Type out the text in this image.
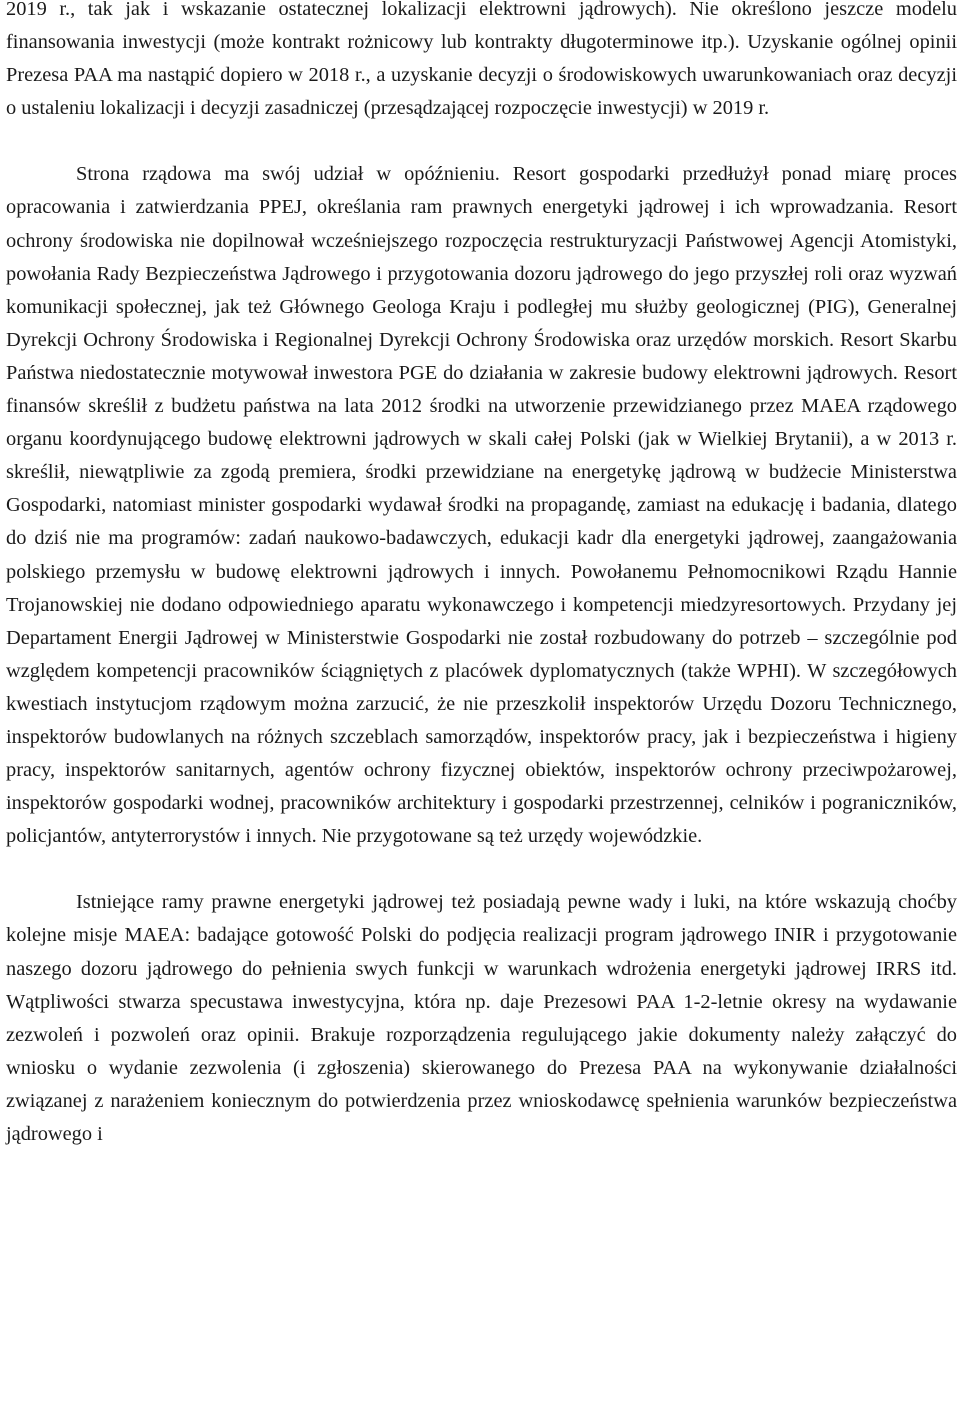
2019 r., tak jak i wskazanie ostatecznej lokalizacji elektrowni jądrowych). Nie określono jeszcze modelu finansowania inwestycji (może kontrakt rożnicowy lub kontrakty długoterminowe itp.). Uzyskanie ogólnej opinii Prezesa PAA ma nastąpić dopiero w 2018 r., a uzyskanie decyzji o środowiskowych uwarunkowaniach oraz decyzji o ustaleniu lokalizacji i decyzji zasadniczej (przesądzającej rozpoczęcie inwestycji) w 2019 r.

Strona rządowa ma swój udział w opóźnieniu. Resort gospodarki przedłużył ponad miarę proces opracowania i zatwierdzania PPEJ, określania ram prawnych energetyki jądrowej i ich wprowadzania. Resort ochrony środowiska nie dopilnował wcześniejszego rozpoczęcia restrukturyzacji Państwowej Agencji Atomistyki, powołania Rady Bezpieczeństwa Jądrowego i przygotowania dozoru jądrowego do jego przyszłej roli oraz wyzwań komunikacji społecznej, jak też Głównego Geologa Kraju i podległej mu służby geologicznej (PIG), Generalnej Dyrekcji Ochrony Środowiska i Regionalnej Dyrekcji Ochrony Środowiska oraz urzędów morskich. Resort Skarbu Państwa niedostatecznie motywował inwestora PGE do działania w zakresie budowy elektrowni jądrowych. Resort finansów skreślił z budżetu państwa na lata 2012 środki na utworzenie przewidzianego przez MAEA rządowego organu koordynującego budowę elektrowni jądrowych w skali całej Polski (jak w Wielkiej Brytanii), a w 2013 r. skreślił, niewątpliwie za zgodą premiera, środki przewidziane na energetykę jądrową w budżecie Ministerstwa Gospodarki, natomiast minister gospodarki wydawał środki na propagandę, zamiast na edukację i badania, dlatego do dziś nie ma programów: zadań naukowo-badawczych, edukacji kadr dla energetyki jądrowej, zaangażowania polskiego przemysłu w budowę elektrowni jądrowych i innych. Powołanemu Pełnomocnikowi Rządu Hannie Trojanowskiej nie dodano odpowiedniego aparatu wykonawczego i kompetencji miedzyresortowych. Przydany jej Departament Energii Jądrowej w Ministerstwie Gospodarki nie został rozbudowany do potrzeb – szczególnie pod względem kompetencji pracowników ściągniętych z placówek dyplomatycznych (także WPHI). W szczegółowych kwestiach instytucjom rządowym można zarzucić, że nie przeszkolił inspektorów Urzędu Dozoru Technicznego, inspektorów budowlanych na różnych szczeblach samorządów, inspektorów pracy, jak i bezpieczeństwa i higieny pracy, inspektorów sanitarnych, agentów ochrony fizycznej obiektów, inspektorów ochrony przeciwpożarowej, inspektorów gospodarki wodnej, pracowników architektury i gospodarki przestrzennej, celników i pograniczników, policjantów, antyterrorystów i innych. Nie przygotowane są też urzędy wojewódzkie.

Istniejące ramy prawne energetyki jądrowej też posiadają pewne wady i luki, na które wskazują choćby kolejne misje MAEA: badające gotowość Polski do podjęcia realizacji program jądrowego INIR i przygotowanie naszego dozoru jądrowego do pełnienia swych funkcji w warunkach wdrożenia energetyki jądrowej IRRS itd. Wątpliwości stwarza specustawa inwestycyjna, która np. daje Prezesowi PAA 1-2-letnie okresy na wydawanie zezwoleń i pozwoleń oraz opinii. Brakuje rozporządzenia regulującego jakie dokumenty należy załączyć do wniosku o wydanie zezwolenia (i zgłoszenia) skierowanego do Prezesa PAA na wykonywanie działalności związanej z narażeniem koniecznym do potwierdzenia przez wnioskodawcę spełnienia warunków bezpieczeństwa jądrowego i
